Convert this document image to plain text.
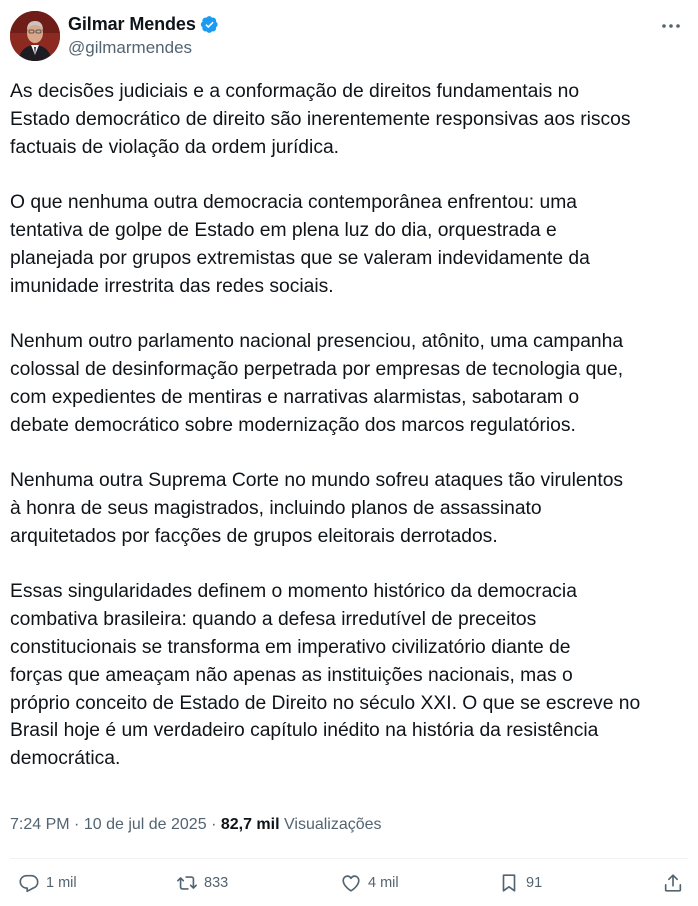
Gilmar Mendes
@gilmarmendes

As decisões judiciais e a conformação de direitos fundamentais no
Estado democrático de direito são inerentemente responsivas aos riscos
factuais de violação da ordem jurídica.

O que nenhuma outra democracia contemporânea enfrentou: uma
tentativa de golpe de Estado em plena luz do dia, orquestrada e
planejada por grupos extremistas que se valeram indevidamente da
imunidade irrestrita das redes sociais.

Nenhum outro parlamento nacional presenciou, atônito, uma campanha
colossal de desinformação perpetrada por empresas de tecnologia que,
com expedientes de mentiras e narrativas alarmistas, sabotaram o
debate democrático sobre modernização dos marcos regulatórios.

Nenhuma outra Suprema Corte no mundo sofreu ataques tão virulentos
à honra de seus magistrados, incluindo planos de assassinato
arquitetados por facções de grupos eleitorais derrotados.

Essas singularidades definem o momento histórico da democracia
combativa brasileira: quando a defesa irredutível de preceitos
constitucionais se transforma em imperativo civilizatório diante de
forças que ameaçam não apenas as instituições nacionais, mas o
próprio conceito de Estado de Direito no século XXI. O que se escreve no
Brasil hoje é um verdadeiro capítulo inédito na história da resistência
democrática.

7:24 PM · 10 de jul de 2025 · 82,7 mil Visualizações
1 mil	833	4 mil	91
